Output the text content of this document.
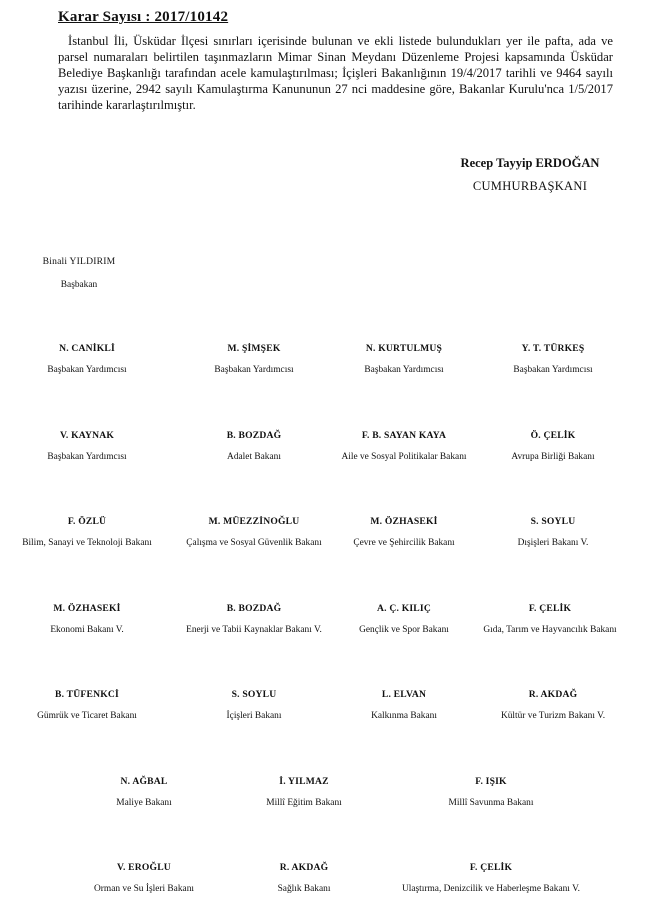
Karar Sayısı : 2017/10142

İstanbul İli, Üsküdar İlçesi sınırları içerisinde bulunan ve ekli listede bulundukları yer ile pafta, ada ve parsel numaraları belirtilen taşınmazların Mimar Sinan Meydanı Düzenleme Projesi kapsamında Üsküdar Belediye Başkanlığı tarafından acele kamulaştırılması; İçişleri Bakanlığının 19/4/2017 tarihli ve 9464 sayılı yazısı üzerine, 2942 sayılı Kamulaştırma Kanununun 27 nci maddesine göre, Bakanlar Kurulu'nca 1/5/2017 tarihinde kararlaştırılmıştır.

Recep Tayyip ERDOĞAN
CUMHURBAŞKANI
Binali YILDIRIM
Başbakan
N. CANİKLİ
Başbakan Yardımcısı
M. ŞİMŞEK
Başbakan Yardımcısı
N. KURTULMUŞ
Başbakan Yardımcısı
Y. T. TÜRKEŞ
Başbakan Yardımcısı
V. KAYNAK
Başbakan Yardımcısı
B. BOZDAĞ
Adalet Bakanı
F. B. SAYAN KAYA
Aile ve Sosyal Politikalar Bakanı
Ö. ÇELİK
Avrupa Birliği Bakanı
F. ÖZLÜ
Bilim, Sanayi ve Teknoloji Bakanı
M. MÜEZZİNOĞLU
Çalışma ve Sosyal Güvenlik Bakanı
M. ÖZHASEKİ
Çevre ve Şehircilik Bakanı
S. SOYLU
Dışişleri Bakanı V.
M. ÖZHASEKİ
Ekonomi Bakanı V.
B. BOZDAĞ
Enerji ve Tabii Kaynaklar Bakanı V.
A. Ç. KILIÇ
Gençlik ve Spor Bakanı
F. ÇELİK
Gıda, Tarım ve Hayvancılık Bakanı
B. TÜFENKCİ
Gümrük ve Ticaret Bakanı
S. SOYLU
İçişleri Bakanı
L. ELVAN
Kalkınma Bakanı
R. AKDAĞ
Kültür ve Turizm Bakanı V.
N. AĞBAL
Maliye Bakanı
İ. YILMAZ
Millî Eğitim Bakanı
F. IŞIK
Millî Savunma Bakanı
V. EROĞLU
Orman ve Su İşleri Bakanı
R. AKDAĞ
Sağlık Bakanı
F. ÇELİK
Ulaştırma, Denizcilik ve Haberleşme Bakanı V.
